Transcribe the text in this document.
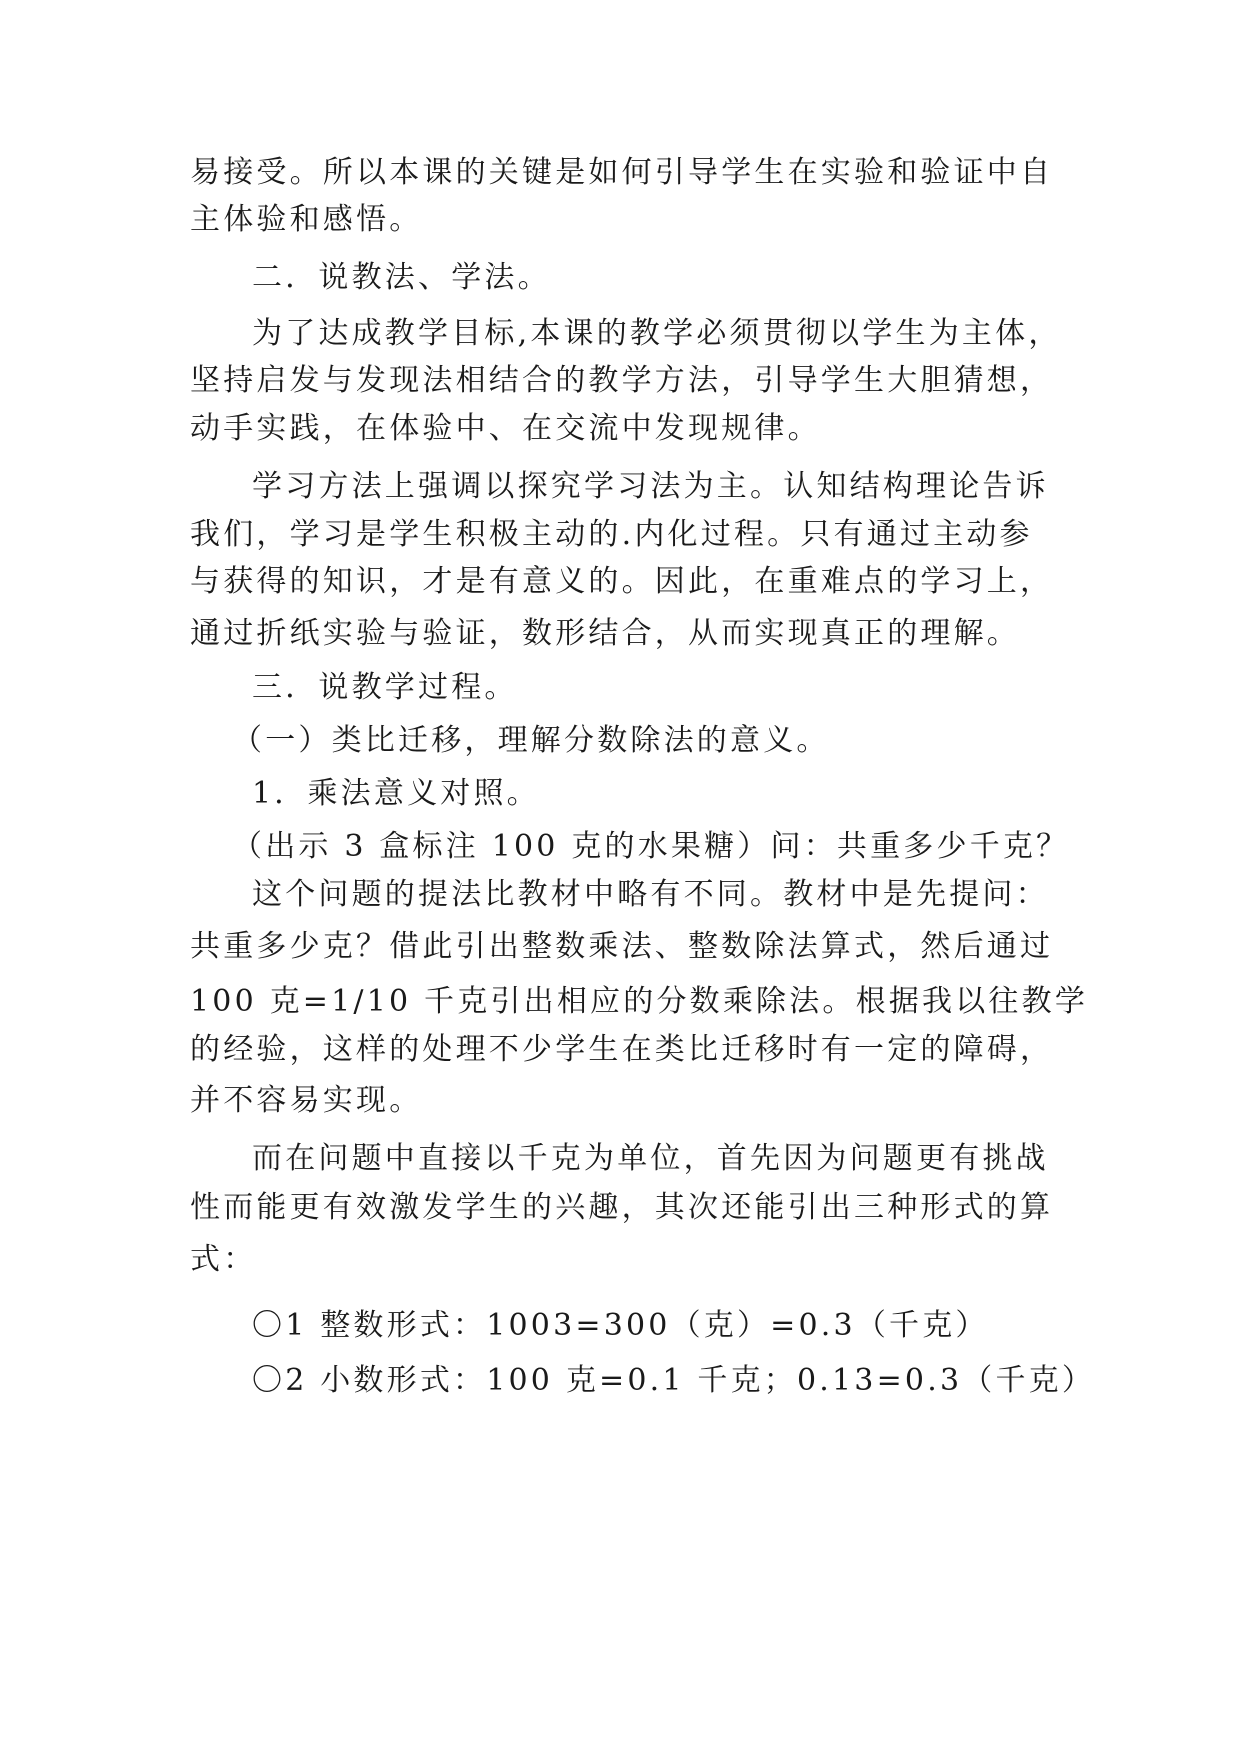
易接受。所以本课的关键是如何引导学生在实验和验证中自
主体验和感悟。
二．说教法、学法。
为了达成教学目标,本课的教学必须贯彻以学生为主体，
坚持启发与发现法相结合的教学方法，引导学生大胆猜想，
动手实践，在体验中、在交流中发现规律。
学习方法上强调以探究学习法为主。认知结构理论告诉
我们，学习是学生积极主动的.内化过程。只有通过主动参
与获得的知识，才是有意义的。因此，在重难点的学习上，
通过折纸实验与验证，数形结合，从而实现真正的理解。
三．说教学过程。
（一）类比迁移，理解分数除法的意义。
1．乘法意义对照。
（出示 3 盒标注 100 克的水果糖）问：共重多少千克？
这个问题的提法比教材中略有不同。教材中是先提问：
共重多少克？借此引出整数乘法、整数除法算式，然后通过
100 克=1/10 千克引出相应的分数乘除法。根据我以往教学
的经验，这样的处理不少学生在类比迁移时有一定的障碍，
并不容易实现。
而在问题中直接以千克为单位，首先因为问题更有挑战
性而能更有效激发学生的兴趣，其次还能引出三种形式的算
式：
〇1 整数形式：1003=300（克）=0.3（千克）
〇2 小数形式：100 克=0.1 千克；0.13=0.3（千克）
